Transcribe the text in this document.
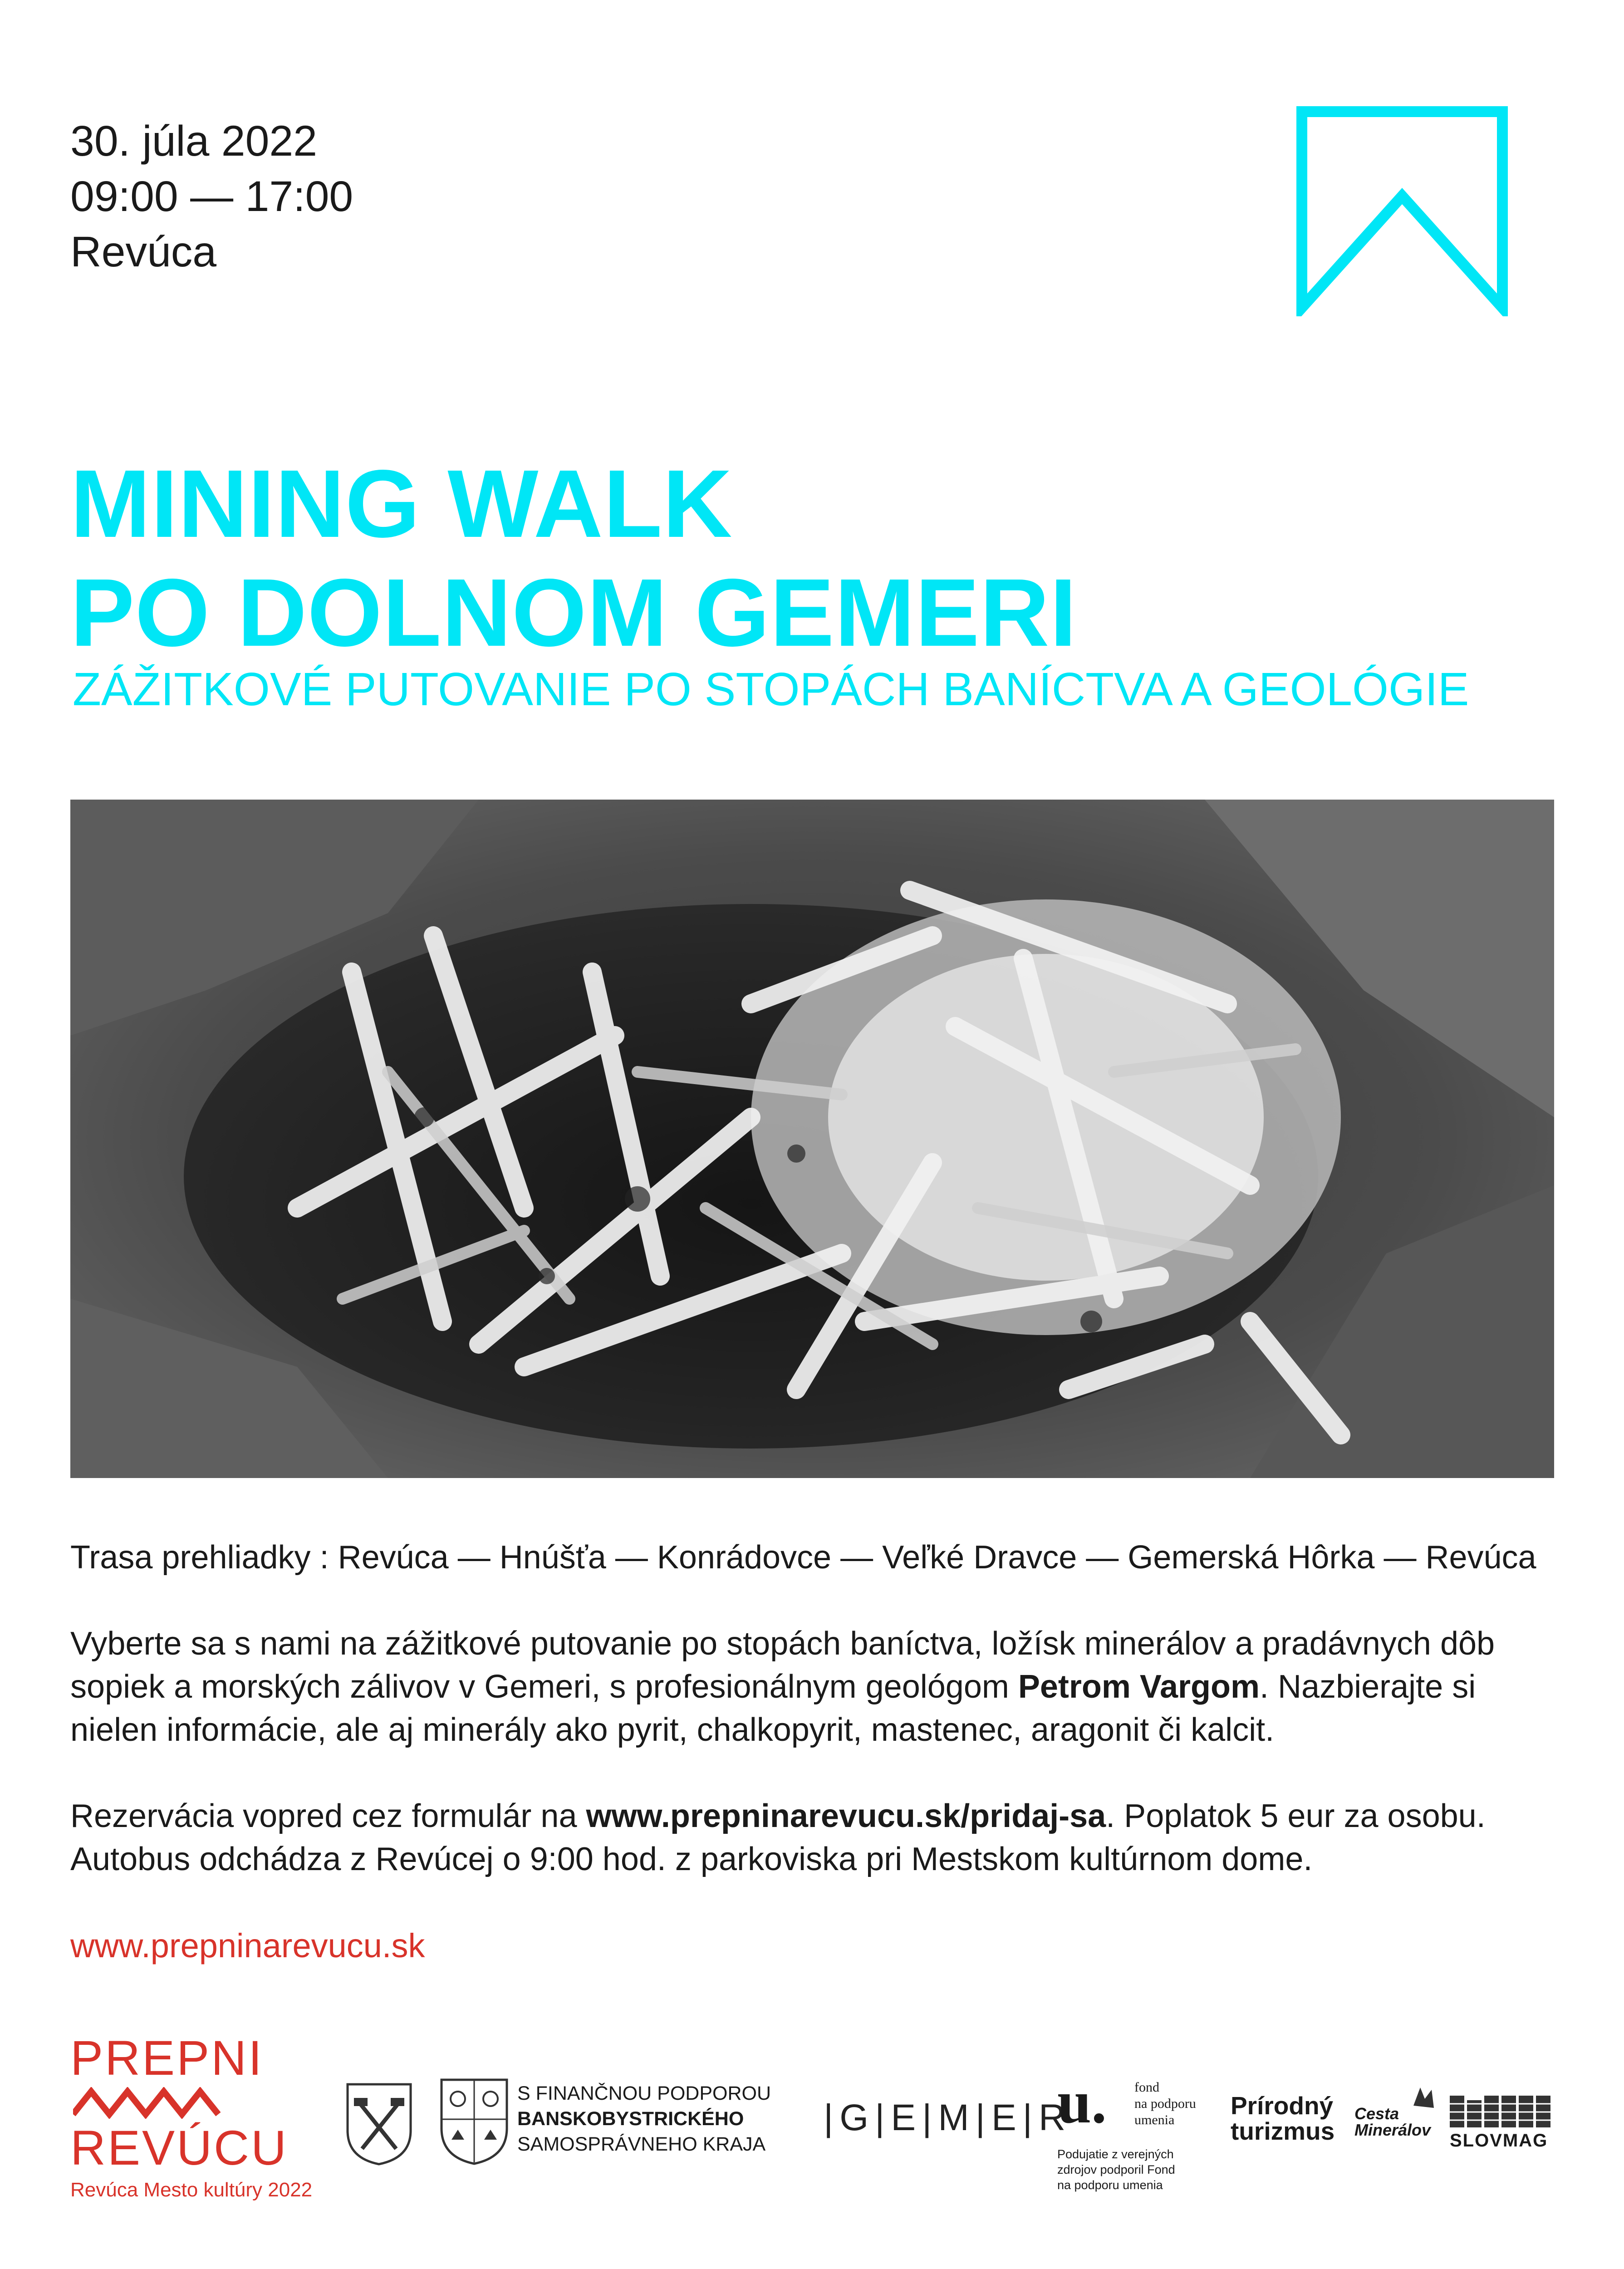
30. júla 2022
09:00 — 17:00
Revúca
MINING WALK
PO DOLNOM GEMERI
ZÁŽITKOVÉ PUTOVANIE PO STOPÁCH BANÍCTVA A GEOLÓGIE

Trasa prehliadky : Revúca — Hnúšťa — Konrádovce — Veľké Dravce — Gemerská Hôrka — Revúca

Vyberte sa s nami na zážitkové putovanie po stopách baníctva, ložísk minerálov a pradávnych dôb sopiek a morských zálivov v Gemeri, s profesionálnym geológom Petrom Vargom. Nazbierajte si nielen informácie, ale aj minerály ako pyrit, chalkopyrit, mastenec, aragonit či kalcit.

Rezervácia vopred cez formulár na www.prepninarevucu.sk/pridaj-sa. Poplatok 5 eur za osobu. Autobus odchádza z Revúcej o 9:00 hod. z parkoviska pri Mestskom kultúrnom dome.

www.prepninarevucu.sk
PREPNI
REVÚCU
Revúca Mesto kultúry 2022
S FINANČNOU PODPOROU
BANSKOBYSTRICKÉHO
SAMOSPRÁVNEHO KRAJA
|G|E|M|E|R
u. fond
na podporu
umenia
Podujatie z verejných
zdrojov podporil Fond
na podporu umenia
Prírodný
turizmus
Cesta
Minerálov
SLOVMAG
